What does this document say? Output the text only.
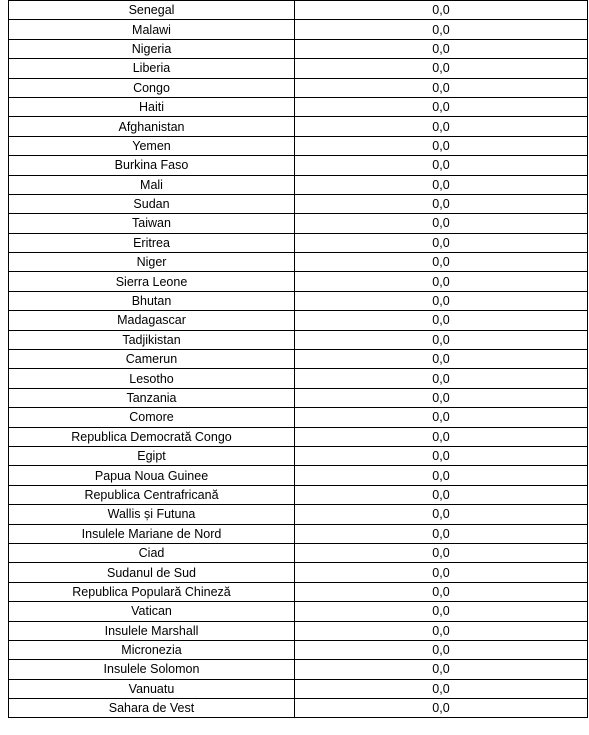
Senegal	0,0
Malawi	0,0
Nigeria	0,0
Liberia	0,0
Congo	0,0
Haiti	0,0
Afghanistan	0,0
Yemen	0,0
Burkina Faso	0,0
Mali	0,0
Sudan	0,0
Taiwan	0,0
Eritrea	0,0
Niger	0,0
Sierra Leone	0,0
Bhutan	0,0
Madagascar	0,0
Tadjikistan	0,0
Camerun	0,0
Lesotho	0,0
Tanzania	0,0
Comore	0,0
Republica Democrată Congo	0,0
Egipt	0,0
Papua Noua Guinee	0,0
Republica Centrafricană	0,0
Wallis și Futuna	0,0
Insulele Mariane de Nord	0,0
Ciad	0,0
Sudanul de Sud	0,0
Republica Populară Chineză	0,0
Vatican	0,0
Insulele Marshall	0,0
Micronezia	0,0
Insulele Solomon	0,0
Vanuatu	0,0
Sahara de Vest	0,0
